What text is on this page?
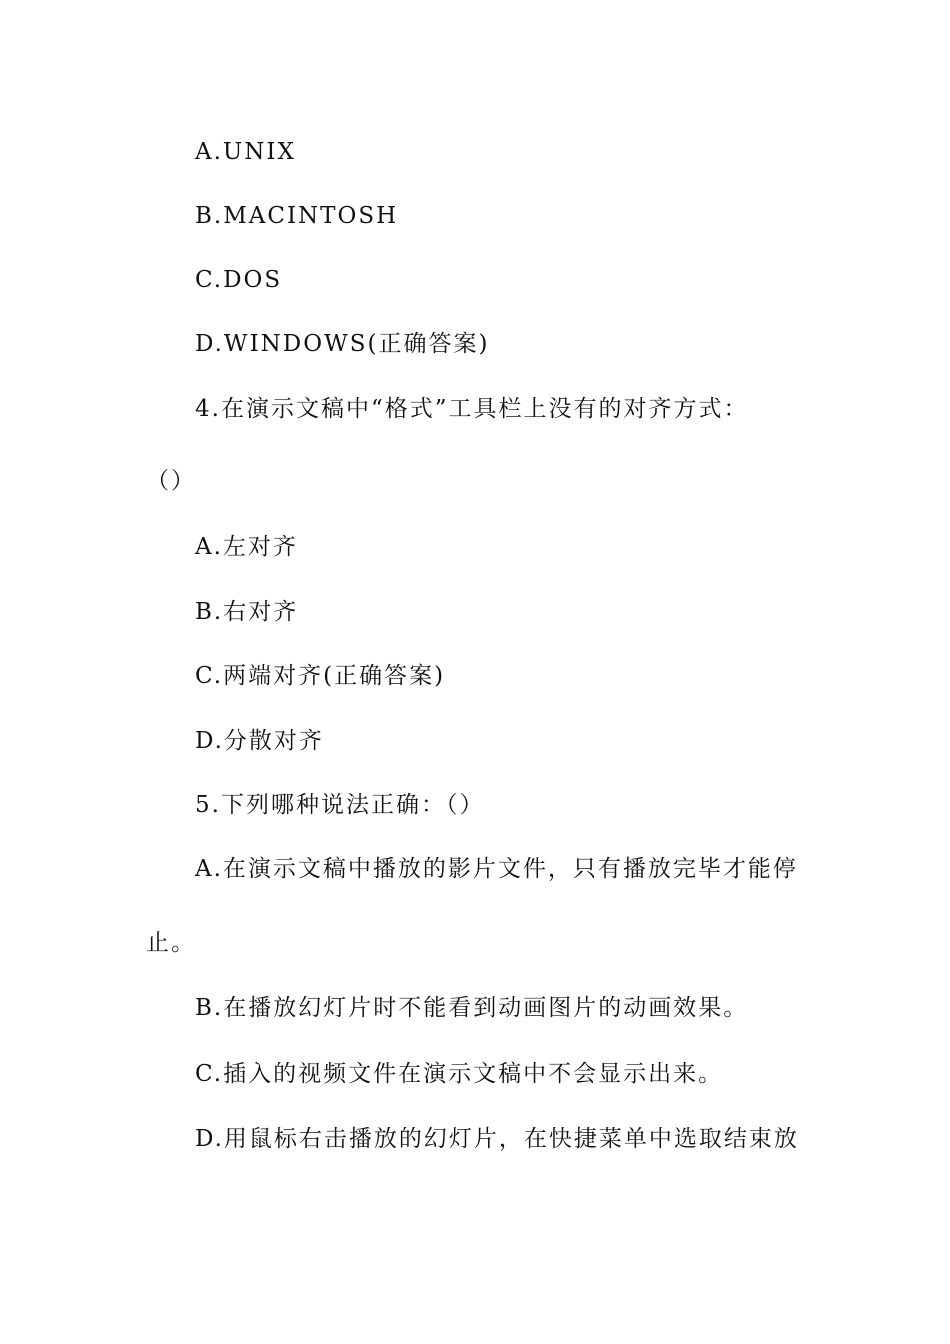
A.UNIX
B.MACINTOSH
C.DOS
D.WINDOWS(正确答案)
4.在演示文稿中“格式”工具栏上没有的对齐方式：
（）
A.左对齐
B.右对齐
C.两端对齐(正确答案)
D.分散对齐
5.下列哪种说法正确：（）
A.在演示文稿中播放的影片文件，只有播放完毕才能停
止。
B.在播放幻灯片时不能看到动画图片的动画效果。
C.插入的视频文件在演示文稿中不会显示出来。
D.用鼠标右击播放的幻灯片，在快捷菜单中选取结束放
